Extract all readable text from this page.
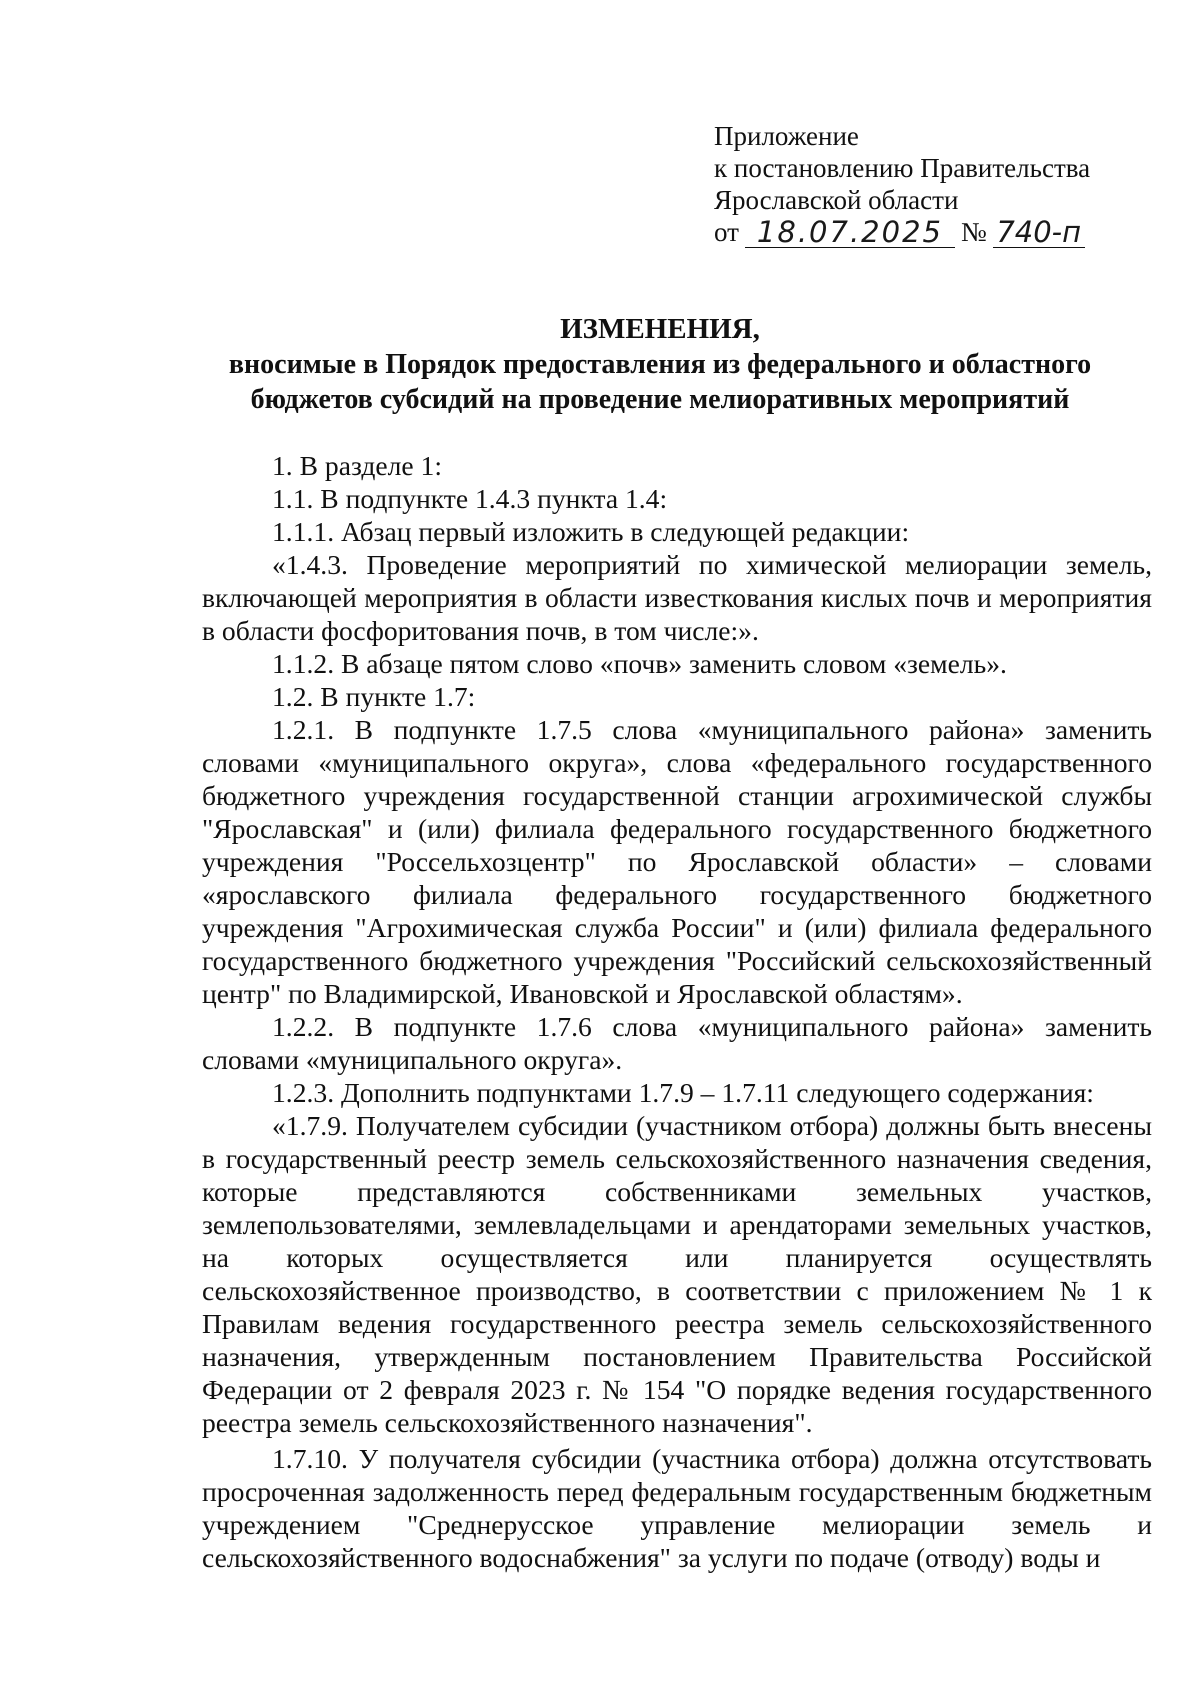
Приложение
к постановлению Правительства
Ярославской области
от 18.07.2025 № 740-п
ИЗМЕНЕНИЯ,
вносимые в Порядок предоставления из федерального и областного
бюджетов субсидий на проведение мелиоративных мероприятий

1. В разделе 1:

1.1. В подпункте 1.4.3 пункта 1.4:

1.1.1. Абзац первый изложить в следующей редакции:

«1.4.3. Проведение мероприятий по химической мелиорации земель, включающей мероприятия в области известкования кислых почв и мероприятия в области фосфоритования почв, в том числе:».

1.1.2. В абзаце пятом слово «почв» заменить словом «земель».

1.2. В пункте 1.7:

1.2.1. В подпункте 1.7.5 слова «муниципального района» заменить словами «муниципального округа», слова «федерального государственного бюджетного учреждения государственной станции агрохимической службы "Ярославская" и (или) филиала федерального государственного бюджетного учреждения "Россельхозцентр" по Ярославской области» – словами «ярославского филиала федерального государственного бюджетного учреждения "Агрохимическая служба России" и (или) филиала федерального государственного бюджетного учреждения "Российский сельскохозяйственный центр" по Владимирской, Ивановской и Ярославской областям».

1.2.2. В подпункте 1.7.6 слова «муниципального района» заменить словами «муниципального округа».

1.2.3. Дополнить подпунктами 1.7.9 – 1.7.11 следующего содержания:

«1.7.9. Получателем субсидии (участником отбора) должны быть внесены в государственный реестр земель сельскохозяйственного назначения сведения, которые представляются собственниками земельных участков, землепользователями, землевладельцами и арендаторами земельных участков, на которых осуществляется или планируется осуществлять сельскохозяйственное производство, в соответствии с приложением № 1 к Правилам ведения государственного реестра земель сельскохозяйственного назначения, утвержденным постановлением Правительства Российской Федерации от 2 февраля 2023 г. № 154 "О порядке ведения государственного реестра земель сельскохозяйственного назначения".

1.7.10. У получателя субсидии (участника отбора) должна отсутствовать просроченная задолженность перед федеральным государственным бюджетным учреждением "Среднерусское управление мелиорации земель и сельскохозяйственного водоснабжения" за услуги по подаче (отводу) воды и
